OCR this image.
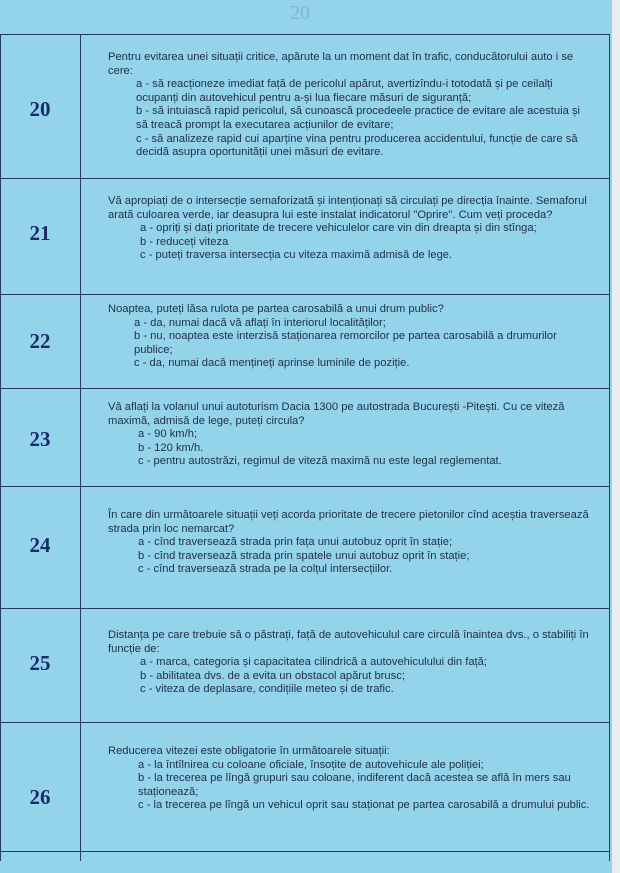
20
20

Pentru evitarea unei situații critice, apărute la un moment dat în trafic, conducătorului auto i se cere:

a - să reacționeze imediat față de pericolul apărut, avertizîndu-i totodată și pe ceilalți ocupanți din autovehicul pentru a-și lua fiecare măsuri de siguranță;

b - să intuiască rapid pericolul, să cunoască procedeele practice de evitare ale acestuia și să treacă prompt la executarea acțiunilor de evitare;

c - să analizeze rapid cui aparține vina pentru producerea accidentului, funcție de care să decidă asupra oportunității unei măsuri de evitare.

21

Vă apropiați de o intersecție semaforizată și intenționați să circulați pe direcția înainte. Semaforul arată culoarea verde, iar deasupra lui este instalat indicatorul "Oprire". Cum veți proceda?

a - opriți și dați prioritate de trecere vehiculelor care vin din dreapta și din stînga;

b - reduceți viteza

c - puteți traversa intersecția cu viteza maximă admisă de lege.

22

Noaptea, puteți lăsa rulota pe partea carosabilă a unui drum public?

a - da, numai dacă vă aflați în interiorul localităților;

b - nu, noaptea este interzisă staționarea remorcilor pe partea carosabilă a drumurilor publice;

c - da, numai dacă mențineți aprinse luminile de poziție.

23

Vă aflați la volanul unui autoturism Dacia 1300 pe autostrada București -Pitești. Cu ce viteză maximă, admisă de lege, puteți circula?

a - 90 km/h;

b - 120 km/h.

c - pentru autostrăzi, regimul de viteză maximă nu este legal reglementat.

24

În care din următoarele situații veți acorda prioritate de trecere pietonilor cînd aceștia traversează strada prin loc nemarcat?

a - cînd traversează strada prin fața unui autobuz oprit în stație;

b - cînd traversează strada prin spatele unui autobuz oprit în stație;

c - cînd traversează strada pe la colțul intersecțiilor.

25

Distanța pe care trebuie să o păstrați, față de autovehiculul care circulă înaintea dvs., o stabiliți în funcție de:

a - marca, categoria și capacitatea cilindrică a autovehiculului din față;

b - abilitatea dvs. de a evita un obstacol apărut brusc;

c - viteza de deplasare, condițiile meteo și de trafic.

26

Reducerea vitezei este obligatorie în următoarele situații:

a - la întîlnirea cu coloane oficiale, însoțite de autovehicule ale poliției;

b - la trecerea pe lîngă grupuri sau coloane, indiferent dacă acestea se află în mers sau staționează;

c - la trecerea pe lîngă un vehicul oprit sau staționat pe partea carosabilă a drumului public.
